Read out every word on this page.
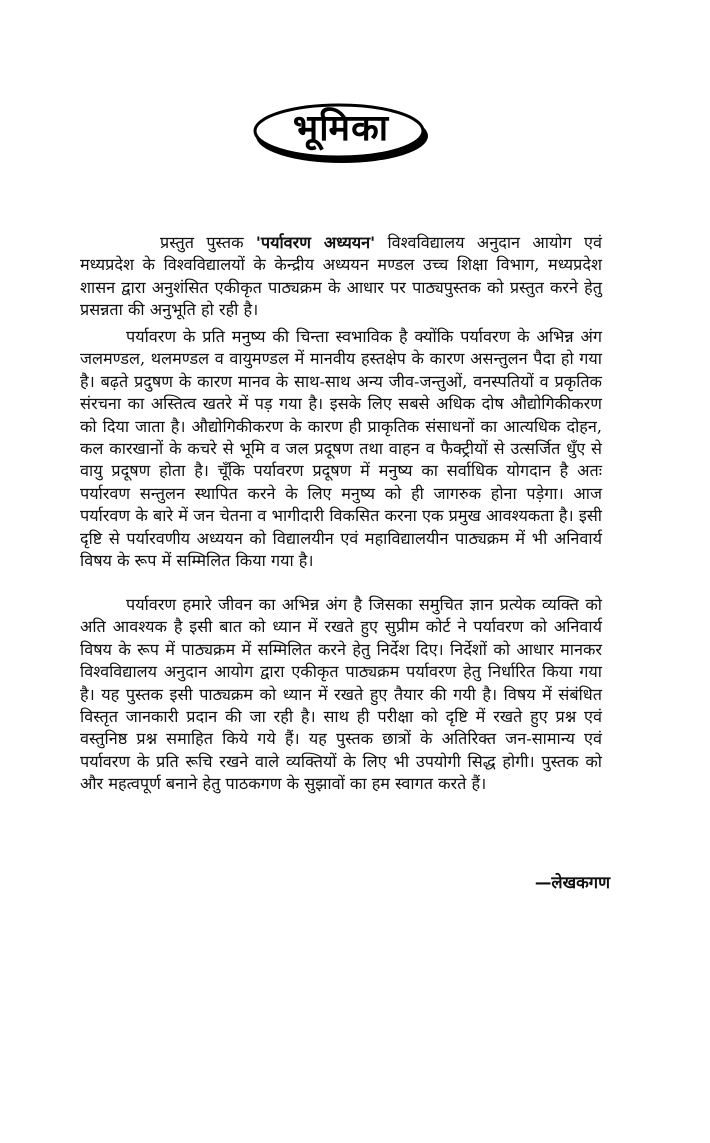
भूमिका
प्रस्तुत पुस्तक 'पर्यावरण अध्ययन' विश्वविद्यालय अनुदान आयोग एवं मध्यप्रदेश के विश्वविद्यालयों के केन्द्रीय अध्ययन मण्डल उच्च शिक्षा विभाग, मध्यप्रदेश शासन द्वारा अनुशंसित एकीकृत पाठ्यक्रम के आधार पर पाठ्यपुस्तक को प्रस्तुत करने हेतु प्रसन्नता की अनुभूति हो रही है।
पर्यावरण के प्रति मनुष्य की चिन्ता स्वभाविक है क्योंकि पर्यावरण के अभिन्न अंग जलमण्डल, थलमण्डल व वायुमण्डल में मानवीय हस्तक्षेप के कारण असन्तुलन पैदा हो गया है। बढ़ते प्रदुषण के कारण मानव के साथ-साथ अन्य जीव-जन्तुओं, वनस्पतियों व प्रकृतिक संरचना का अस्तित्व खतरे में पड़ गया है। इसके लिए सबसे अधिक दोष औद्योगिकीकरण को दिया जाता है। औद्योगिकीकरण के कारण ही प्राकृतिक संसाधनों का आत्यधिक दोहन, कल कारखानों के कचरे से भूमि व जल प्रदूषण तथा वाहन व फैक्ट्रीयों से उत्सर्जित धुँए से वायु प्रदूषण होता है। चूँकि पर्यावरण प्रदूषण में मनुष्य का सर्वाधिक योगदान है अतः पर्यारवण सन्तुलन स्थापित करने के लिए मनुष्य को ही जागरुक होना पड़ेगा। आज पर्यारवण के बारे में जन चेतना व भागीदारी विकसित करना एक प्रमुख आवश्यकता है। इसी दृष्टि से पर्यारवणीय अध्ययन को विद्यालयीन एवं महाविद्यालयीन पाठ्यक्रम में भी अनिवार्य विषय के रूप में सम्मिलित किया गया है।
पर्यावरण हमारे जीवन का अभिन्न अंग है जिसका समुचित ज्ञान प्रत्येक व्यक्ति को अति आवश्यक है इसी बात को ध्यान में रखते हुए सुप्रीम कोर्ट ने पर्यावरण को अनिवार्य विषय के रूप में पाठ्यक्रम में सम्मिलित करने हेतु निर्देश दिए। निर्देशों को आधार मानकर विश्वविद्यालय अनुदान आयोग द्वारा एकीकृत पाठ्यक्रम पर्यावरण हेतु निर्धारित किया गया है। यह पुस्तक इसी पाठ्यक्रम को ध्यान में रखते हुए तैयार की गयी है। विषय में संबंधित विस्तृत जानकारी प्रदान की जा रही है। साथ ही परीक्षा को दृष्टि में रखते हुए प्रश्न एवं वस्तुनिष्ठ प्रश्न समाहित किये गये हैं। यह पुस्तक छात्रों के अतिरिक्त जन-सामान्य एवं पर्यावरण के प्रति रूचि रखने वाले व्यक्तियों के लिए भी उपयोगी सिद्ध होगी। पुस्तक को और महत्वपूर्ण बनाने हेतु पाठकगण के सुझावों का हम स्वागत करते हैं।
—लेखकगण
